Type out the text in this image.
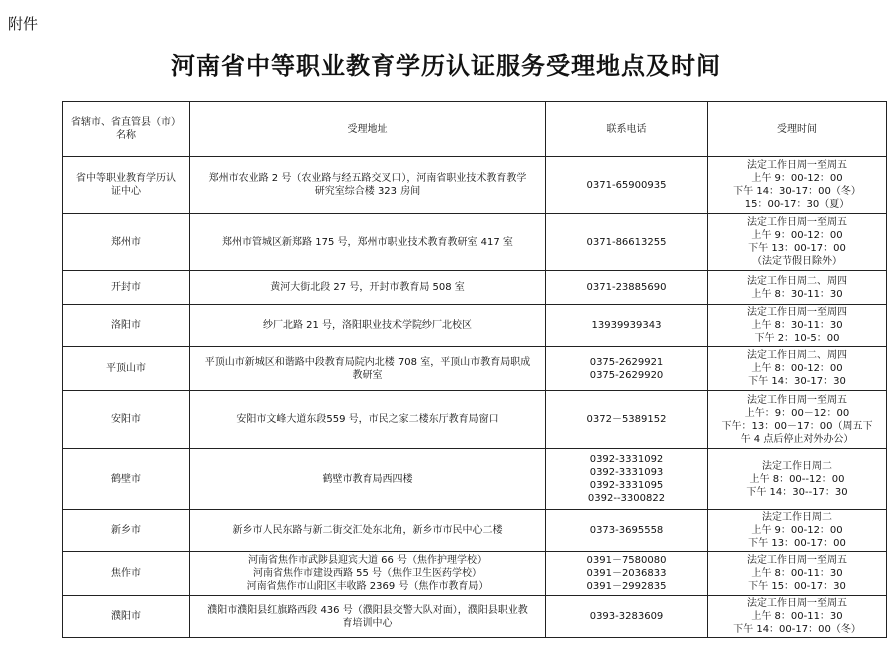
附件
河南省中等职业教育学历认证服务受理地点及时间
省辖市、省直管县（市）
名称	受理地址	联系电话	受理时间

省中等职业教育学历认
证中心	郑州市农业路 2 号（农业路与经五路交叉口），河南省职业技术教育教学
研究室综合楼 323 房间	0371-65900935	法定工作日周一至周五
上午 9：00-12：00
下午 14：30-17：00（冬）
15：00-17：30（夏）

郑州市	郑州市管城区新郑路 175 号，郑州市职业技术教育教研室 417 室	0371-86613255	法定工作日周一至周五
上午 9：00-12：00
下午 13：00-17：00
（法定节假日除外）

开封市	黄河大街北段 27 号，开封市教育局 508 室	0371-23885690	法定工作日周二、周四
上午 8：30-11：30

洛阳市	纱厂北路 21 号，洛阳职业技术学院纱厂北校区	13939939343	法定工作日周一至周四
上午 8：30-11：30
下午 2：10-5：00

平顶山市	平顶山市新城区和谐路中段教育局院内北楼 708 室，平顶山市教育局职成
教研室	0375-2629921
0375-2629920	法定工作日周二、周四
上午 8：00-12：00
下午 14：30-17：30

安阳市	安阳市文峰大道东段559 号，市民之家二楼东厅教育局窗口	0372－5389152	法定工作日周一至周五
上午：9：00－12：00
下午：13：00－17：00（周五下
午 4 点后停止对外办公）

鹤壁市	鹤壁市教育局西四楼	0392-3331092
0392-3331093
0392-3331095
0392--3300822	法定工作日周二
上午 8：00--12：00
下午 14：30--17：30

新乡市	新乡市人民东路与新二街交汇处东北角，新乡市市民中心二楼	0373-3695558	法定工作日周二
上午 9：00-12：00
下午 13：00-17：00

焦作市	河南省焦作市武陟县迎宾大道 66 号（焦作护理学校）
河南省焦作市建设西路 55 号（焦作卫生医药学校）
河南省焦作市山阳区丰收路 2369 号（焦作市教育局）	0391－7580080
0391－2036833
0391－2992835	法定工作日周一至周五
上午 8：00-11：30
下午 15：00-17：30

濮阳市	濮阳市濮阳县红旗路西段 436 号（濮阳县交警大队对面），濮阳县职业教
育培训中心	0393-3283609	法定工作日周一至周五
上午 8：00-11：30
下午 14：00-17：00（冬）
